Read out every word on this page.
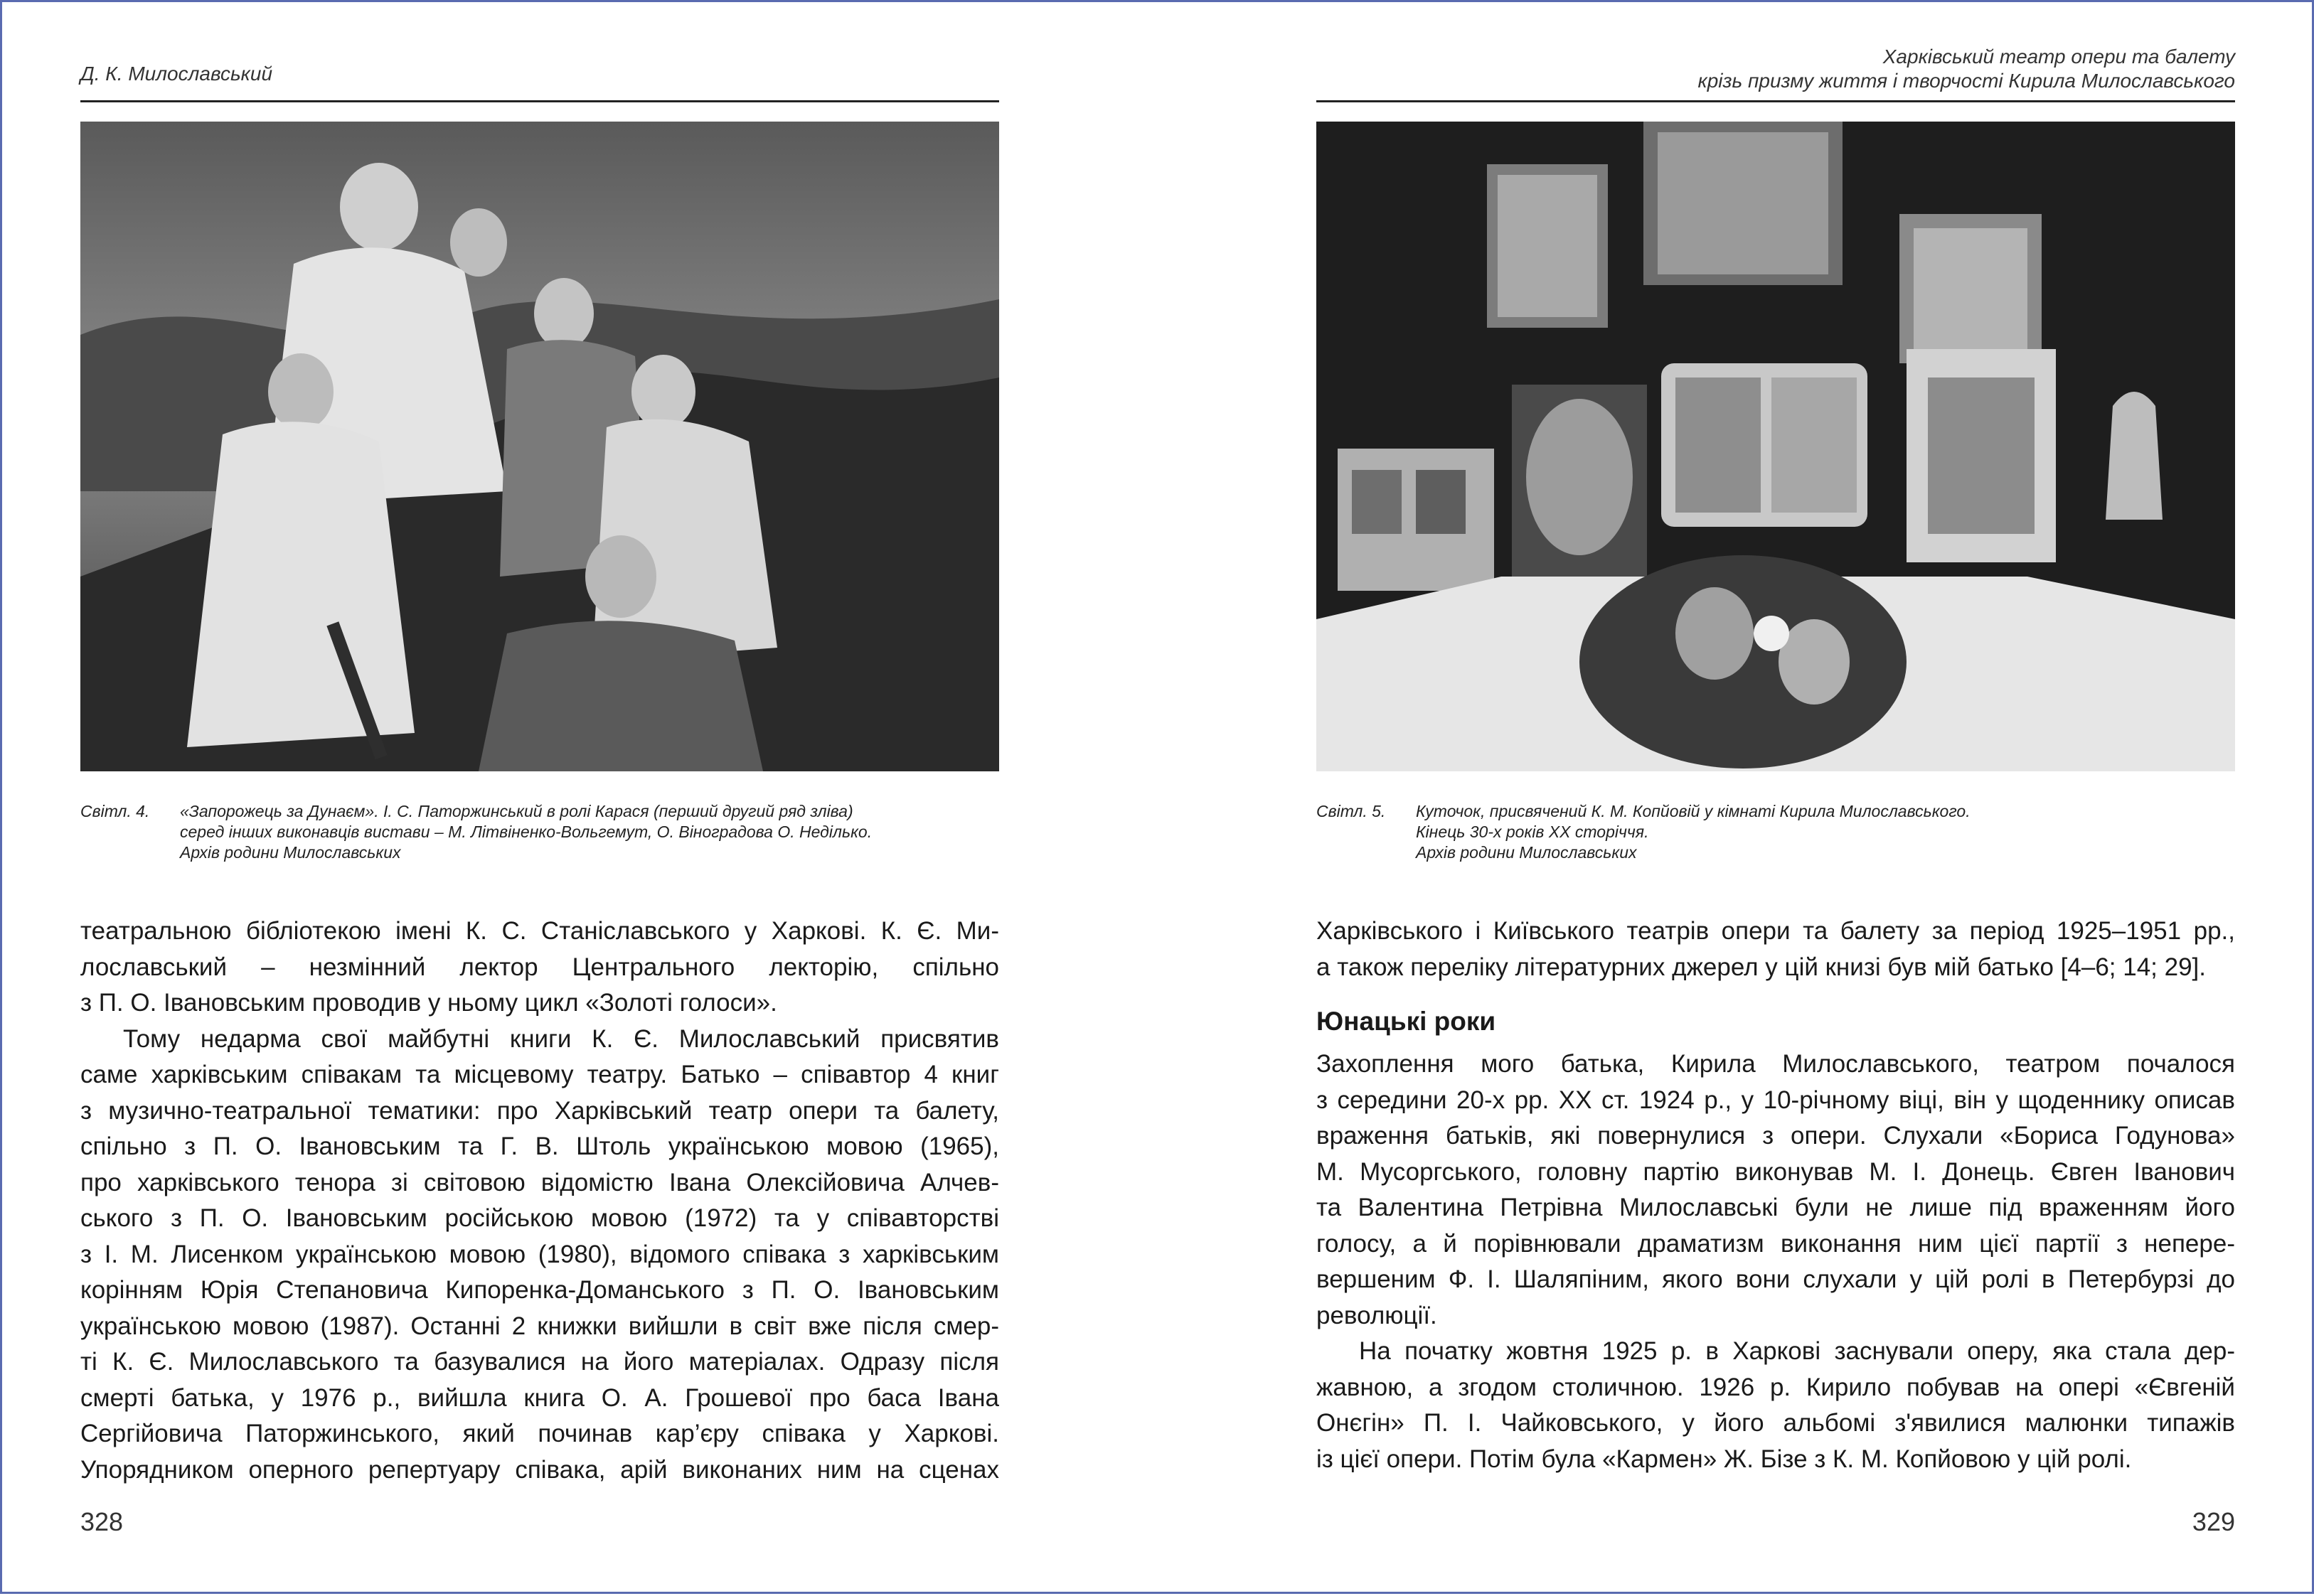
Д. К. Милославський
Світл. 4. «Запорожець за Дунаєм». І. С. Паторжинський в ролі Карася (перший другий ряд зліва)
серед інших виконавців вистави – М. Літвіненко-Вольгемут, О. Віноградова О. Неділько.
Архів родини Милославських
театральною бібліотекою імені К. С. Станіславського у Харкові. К. Є. Ми-
лославський – незмінний лектор Центрального лекторію, спільно
з П. О. Івановським проводив у ньому цикл «Золоті голоси».
Тому недарма свої майбутні книги К. Є. Милославський присвятив
саме харківським співакам та місцевому театру. Батько – співавтор 4 книг
з музично-театральної тематики: про Харківський театр опери та балету,
спільно з П. О. Івановським та Г. В. Штоль українською мовою (1965),
про харківського тенора зі світовою відомістю Івана Олексійовича Алчев-
ського з П. О. Івановським російською мовою (1972) та у співавторстві
з І. М. Лисенком українською мовою (1980), відомого співака з харківським
корінням Юрія Степановича Кипоренка-Доманського з П. О. Івановським
українською мовою (1987). Останні 2 книжки вийшли в світ вже після смер-
ті К. Є. Милославського та базувалися на його матеріалах. Одразу після
смерті батька, у 1976 р., вийшла книга О. А. Грошевої про баса Івана
Сергійовича Паторжинського, який починав кар’єру співака у Харкові.
Упорядником оперного репертуару співака, арій виконаних ним на сценах
328
Харківський театр опери та балету
крізь призму життя і творчості Кирила Милославського
Світл. 5. Куточок, присвячений К. М. Копйовій у кімнаті Кирила Милославського.
Кінець 30-х років XX сторіччя.
Архів родини Милославських
Харківського і Київського театрів опери та балету за період 1925–1951 рр.,
а також переліку літературних джерел у цій книзі був мій батько [4–6; 14; 29].
Юнацькі роки
Захоплення мого батька, Кирила Милославського, театром почалося
з середини 20-х рр. XX ст. 1924 р., у 10-річному віці, він у щоденнику описав
враження батьків, які повернулися з опери. Слухали «Бориса Годунова»
М. Мусоргського, головну партію виконував М. І. Донець. Євген Іванович
та Валентина Петрівна Милославські були не лише під враженням його
голосу, а й порівнювали драматизм виконання ним цієї партії з непере-
вершеним Ф. І. Шаляпіним, якого вони слухали у цій ролі в Петербурзі до
революції.
На початку жовтня 1925 р. в Харкові заснували оперу, яка стала дер-
жавною, а згодом столичною. 1926 р. Кирило побував на опері «Євгеній
Онєгін» П. І. Чайковського, у його альбомі з'явилися малюнки типажів
із цієї опери. Потім була «Кармен» Ж. Бізе з К. М. Копйовою у цій ролі.
329
